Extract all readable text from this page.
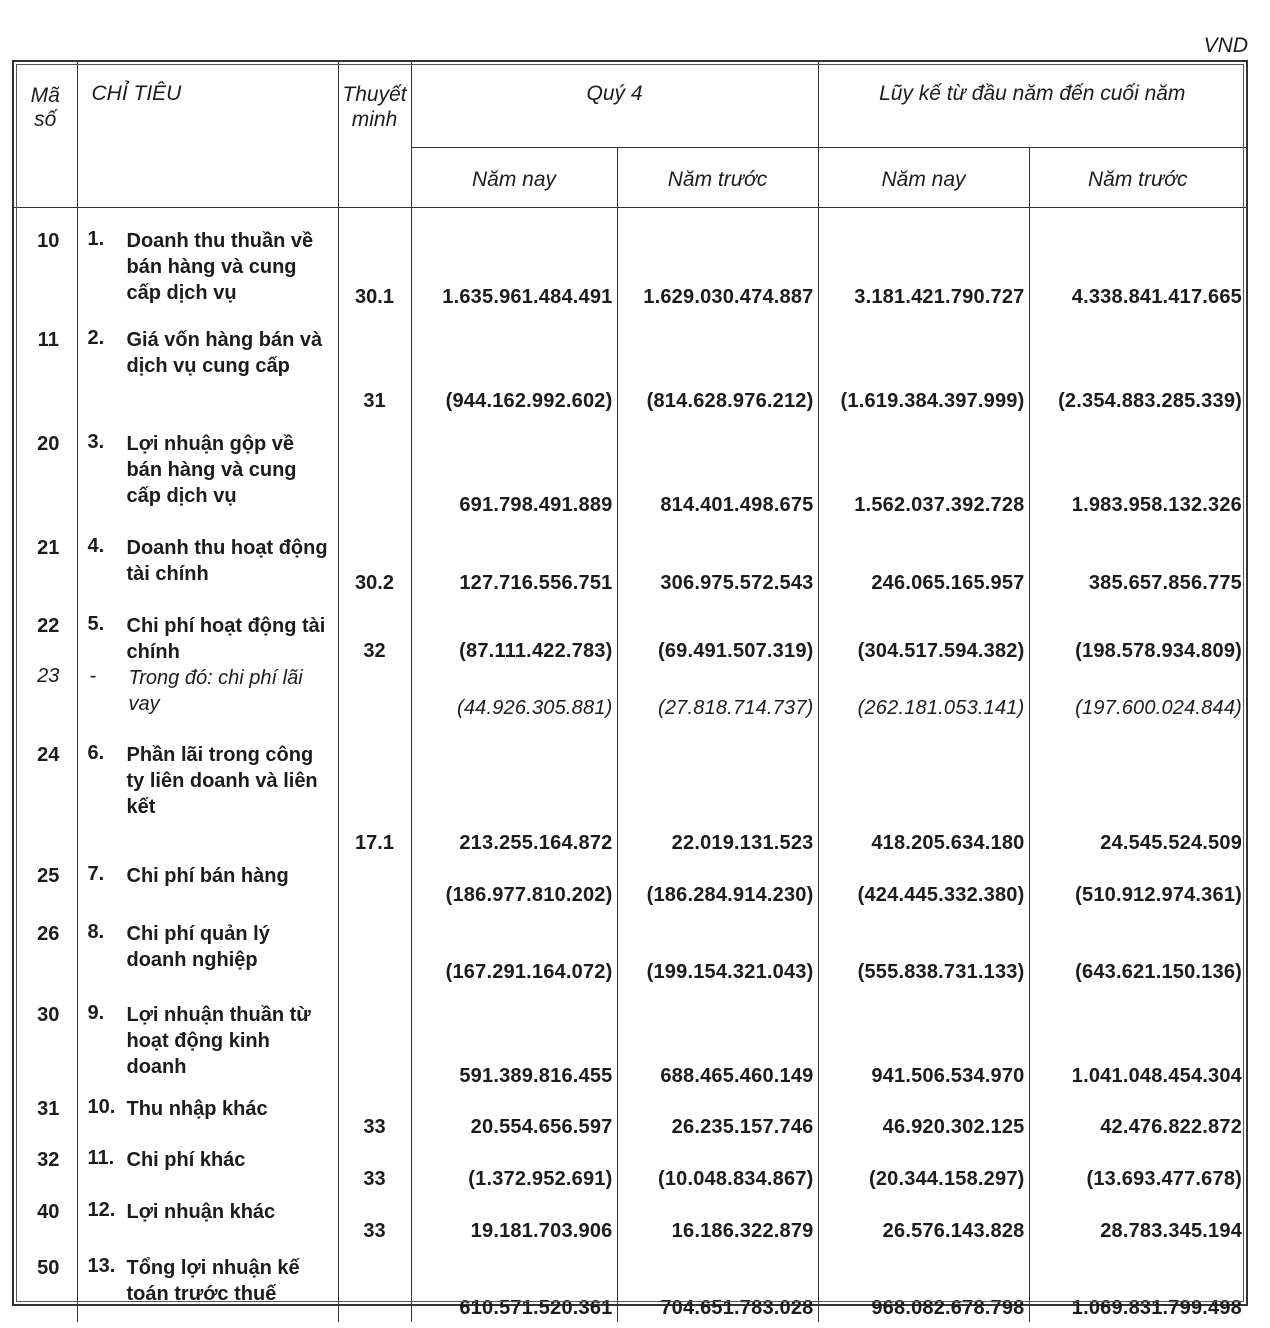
VND
Mã
số	CHỈ TIÊU	Thuyết
minh	Quý 4		Lũy kế từ đầu năm đến cuối năm	
			Năm nay	Năm trước	Năm nay	Năm trước

10	1. Doanh thu thuần về bán hàng và cung cấp dịch vụ	30.1	1.635.961.484.491	1.629.030.474.887	3.181.421.790.727	4.338.841.417.665

11	2. Giá vốn hàng bán và dịch vụ cung cấp	31	(944.162.992.602)	(814.628.976.212)	(1.619.384.397.999)	(2.354.883.285.339)

20	3. Lợi nhuận gộp về bán hàng và cung cấp dịch vụ		691.798.491.889	814.401.498.675	1.562.037.392.728	1.983.958.132.326

21	4. Doanh thu hoạt động tài chính	30.2	127.716.556.751	306.975.572.543	246.065.165.957	385.657.856.775

22	5. Chi phí hoạt động tài chính	32	(87.111.422.783)	(69.491.507.319)	(304.517.594.382)	(198.578.934.809)

23	- Trong đó: chi phí lãi vay		(44.926.305.881)	(27.818.714.737)	(262.181.053.141)	(197.600.024.844)

24	6. Phần lãi trong công ty liên doanh và liên kết	17.1	213.255.164.872	22.019.131.523	418.205.634.180	24.545.524.509

25	7. Chi phí bán hàng		(186.977.810.202)	(186.284.914.230)	(424.445.332.380)	(510.912.974.361)

26	8. Chi phí quản lý doanh nghiệp		(167.291.164.072)	(199.154.321.043)	(555.838.731.133)	(643.621.150.136)

30	9. Lợi nhuận thuần từ hoạt động kinh doanh		591.389.816.455	688.465.460.149	941.506.534.970	1.041.048.454.304

31	10. Thu nhập khác	33	20.554.656.597	26.235.157.746	46.920.302.125	42.476.822.872

32	11. Chi phí khác	33	(1.372.952.691)	(10.048.834.867)	(20.344.158.297)	(13.693.477.678)

40	12. Lợi nhuận khác	33	19.181.703.906	16.186.322.879	26.576.143.828	28.783.345.194

50	13. Tổng lợi nhuận kế toán trước thuế		610.571.520.361	704.651.783.028	968.082.678.798	1.069.831.799.498
